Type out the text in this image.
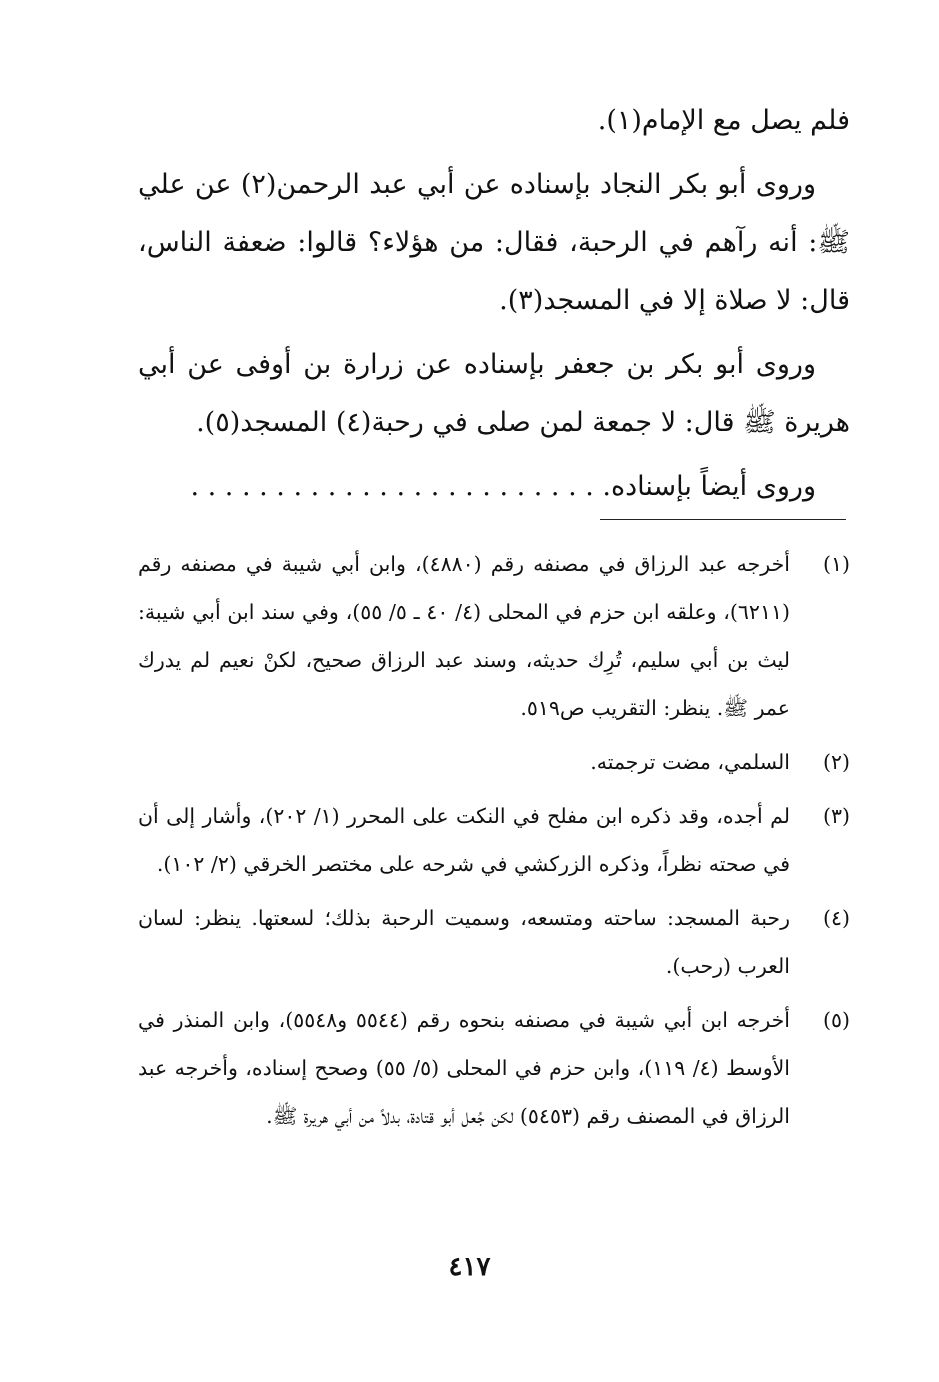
فلم يصل مع الإمام(١).

وروى أبو بكر النجاد بإسناده عن أبي عبد الرحمن(٢) عن علي ﷺ: أنه رآهم في الرحبة، فقال: من هؤلاء؟ قالوا: ضعفة الناس، قال: لا صلاة إلا في المسجد(٣).

وروى أبو بكر بن جعفر بإسناده عن زرارة بن أوفى عن أبي هريرة ﷺ قال: لا جمعة لمن صلى في رحبة(٤) المسجد(٥).

وروى أيضاً بإسناده. . . . . . . . . . . . . . . . . . . . . . . . .

(١)
أخرجه عبد الرزاق في مصنفه رقم (٤٨٨٠)، وابن أبي شيبة في مصنفه رقم (٦٢١١)، وعلقه ابن حزم في المحلى (٤/ ٤٠ ـ ٥/ ٥٥)، وفي سند ابن أبي شيبة: ليث بن أبي سليم، تُرِك حديثه، وسند عبد الرزاق صحيح، لكنْ نعيم لم يدرك عمر ﷺ. ينظر: التقريب ص٥١٩.
(٢)
السلمي، مضت ترجمته.
(٣)
لم أجده، وقد ذكره ابن مفلح في النكت على المحرر (١/ ٢٠٢)، وأشار إلى أن في صحته نظراً، وذكره الزركشي في شرحه على مختصر الخرقي (٢/ ١٠٢).
(٤)
رحبة المسجد: ساحته ومتسعه، وسميت الرحبة بذلك؛ لسعتها. ينظر: لسان العرب (رحب).
(٥)
أخرجه ابن أبي شيبة في مصنفه بنحوه رقم (٥٥٤٤ و٥٥٤٨)، وابن المنذر في الأوسط (٤/ ١١٩)، وابن حزم في المحلى (٥/ ٥٥) وصحح إسناده، وأخرجه عبد الرزاق في المصنف رقم (٥٤٥٣) لكن جُعل أبو قتادة، بدلاً من أبي هريرة ﷺ.
٤١٧
